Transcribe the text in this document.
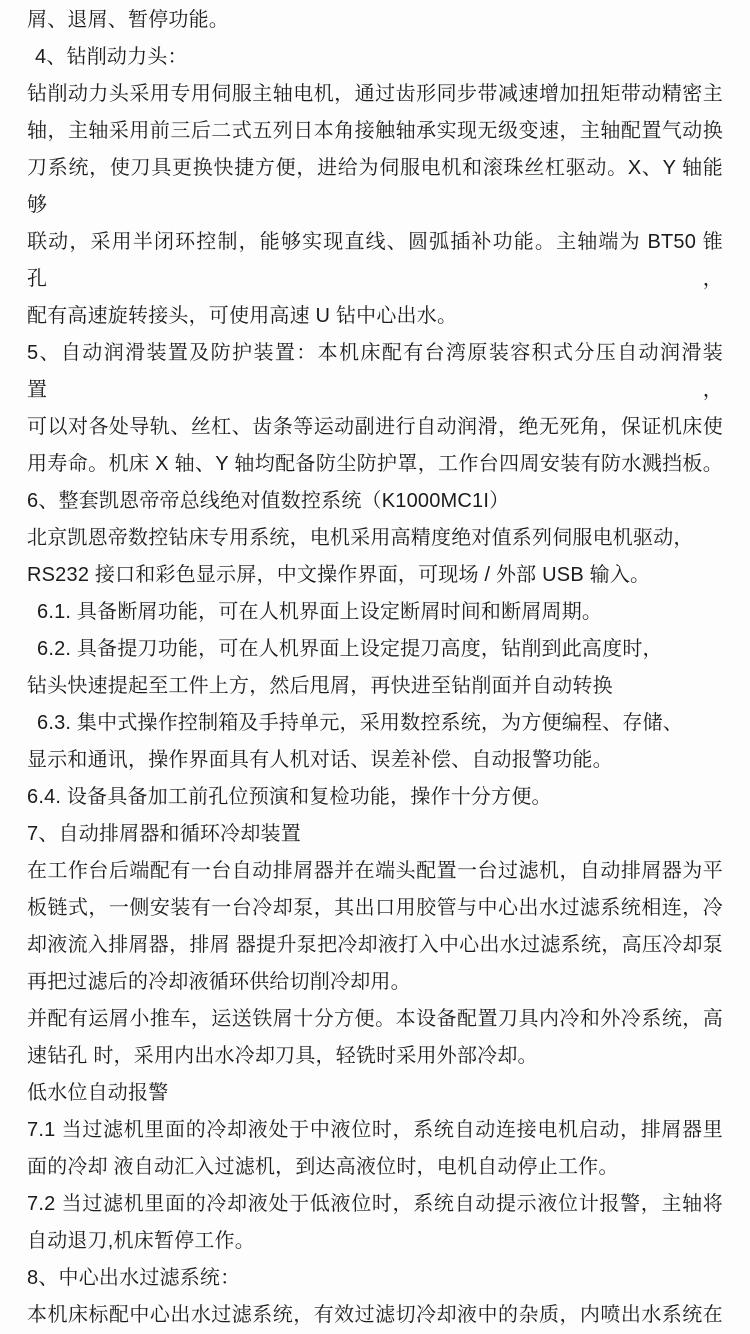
屑、退屑、暂停功能。
4、钻削动力头：
钻削动力头采用专用伺服主轴电机，通过齿形同步带减速增加扭矩带动精密主
轴，主轴采用前三后二式五列日本角接触轴承实现无级变速，主轴配置气动换
刀系统，使刀具更换快捷方便，进给为伺服电机和滚珠丝杠驱动。X、Y 轴能够
联动，采用半闭环控制，能够实现直线、圆弧插补功能。主轴端为 BT50 锥孔，
配有高速旋转接头，可使用高速 U 钻中心出水。
5、自动润滑装置及防护装置：本机床配有台湾原装容积式分压自动润滑装置，
可以对各处导轨、丝杠、齿条等运动副进行自动润滑，绝无死角，保证机床使
用寿命。机床 X 轴、Y 轴均配备防尘防护罩，工作台四周安装有防水溅挡板。
6、整套凯恩帝帝总线绝对值数控系统（K1000MC1I）
北京凯恩帝数控钻床专用系统，电机采用高精度绝对值系列伺服电机驱动，
RS232 接口和彩色显示屏，中文操作界面，可现场 / 外部 USB 输入。
6.1. 具备断屑功能，可在人机界面上设定断屑时间和断屑周期。
6.2. 具备提刀功能，可在人机界面上设定提刀高度，钻削到此高度时，
钻头快速提起至工件上方，然后甩屑，再快进至钻削面并自动转换
6.3. 集中式操作控制箱及手持单元，采用数控系统，为方便编程、存储、
显示和通讯，操作界面具有人机对话、误差补偿、自动报警功能。
6.4. 设备具备加工前孔位预演和复检功能，操作十分方便。
7、自动排屑器和循环冷却装置
在工作台后端配有一台自动排屑器并在端头配置一台过滤机，自动排屑器为平
板链式，一侧安装有一台冷却泵，其出口用胶管与中心出水过滤系统相连，冷
却液流入排屑器，排屑 器提升泵把冷却液打入中心出水过滤系统，高压冷却泵
再把过滤后的冷却液循环供给切削冷却用。
并配有运屑小推车，运送铁屑十分方便。本设备配置刀具内冷和外冷系统，高
速钻孔 时，采用内出水冷却刀具，轻铣时采用外部冷却。
低水位自动报警
7.1 当过滤机里面的冷却液处于中液位时，系统自动连接电机启动，排屑器里
面的冷却 液自动汇入过滤机，到达高液位时，电机自动停止工作。
7.2 当过滤机里面的冷却液处于低液位时，系统自动提示液位计报警，主轴将
自动退刀,机床暂停工作。
8、中心出水过滤系统：
本机床标配中心出水过滤系统，有效过滤切冷却液中的杂质，内喷出水系统在
